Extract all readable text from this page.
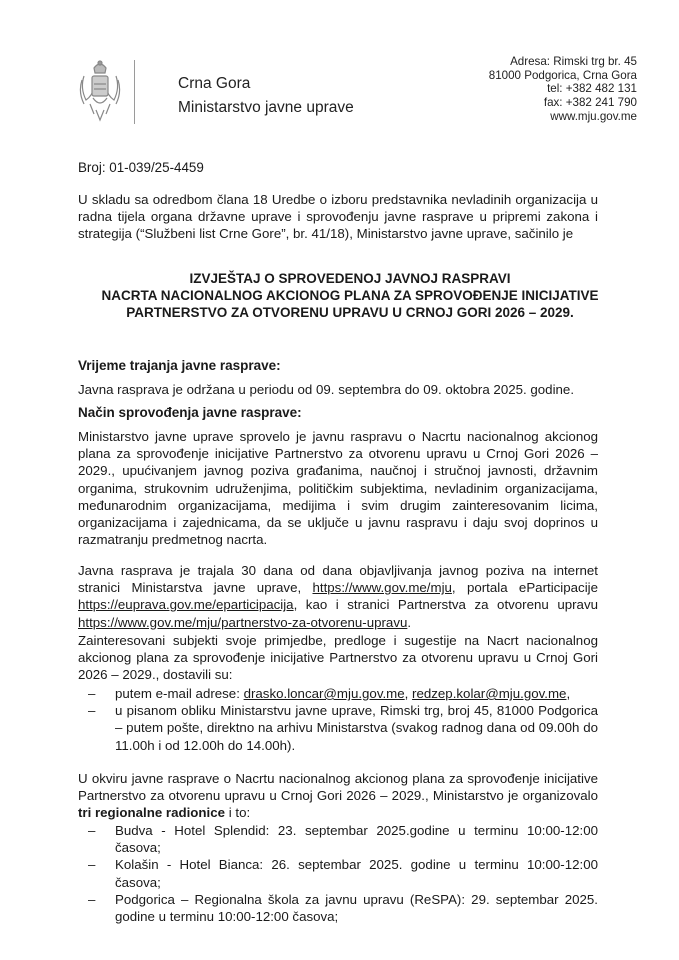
Crna Gora
Ministarstvo javne uprave
Adresa: Rimski trg br. 45
81000 Podgorica, Crna Gora
tel: +382 482 131
fax: +382 241 790
www.mju.gov.me
Broj: 01-039/25-4459
U skladu sa odredbom člana 18 Uredbe o izboru predstavnika nevladinih organizacija u radna tijela organa državne uprave i sprovođenju javne rasprave u pripremi zakona i strategija (“Službeni list Crne Gore”, br. 41/18), Ministarstvo javne uprave, sačinilo je
IZVJEŠTAJ O SPROVEDENOJ JAVNOJ RASPRAVI
NACRTA NACIONALNOG AKCIONOG PLANA ZA SPROVOĐENJE INICIJATIVE
PARTNERSTVO ZA OTVORENU UPRAVU U CRNOJ GORI 2026 – 2029.
Vrijeme trajanja javne rasprave:
Javna rasprava je održana u periodu od 09. septembra do 09. oktobra 2025. godine.
Način sprovođenja javne rasprave:
Ministarstvo javne uprave sprovelo je javnu raspravu o Nacrtu nacionalnog akcionog plana za sprovođenje inicijative Partnerstvo za otvorenu upravu u Crnoj Gori 2026 – 2029., upućivanjem javnog poziva građanima, naučnoj i stručnoj javnosti, državnim organima, strukovnim udruženjima, političkim subjektima, nevladinim organizacijama, međunarodnim organizacijama, medijima i svim drugim zainteresovanim licima, organizacijama i zajednicama, da se uključe u javnu raspravu i daju svoj doprinos u razmatranju predmetnog nacrta.
Javna rasprava je trajala 30 dana od dana objavljivanja javnog poziva na internet stranici Ministarstva javne uprave, https://www.gov.me/mju, portala eParticipacije https://euprava.gov.me/eparticipacija, kao i stranici Partnerstva za otvorenu upravu https://www.gov.me/mju/partnerstvo-za-otvorenu-upravu.
Zainteresovani subjekti svoje primjedbe, predloge i sugestije na Nacrt nacionalnog akcionog plana za sprovođenje inicijative Partnerstvo za otvorenu upravu u Crnoj Gori 2026 – 2029., dostavili su:
– putem e-mail adrese: drasko.loncar@mju.gov.me, redzep.kolar@mju.gov.me,
– u pisanom obliku Ministarstvu javne uprave, Rimski trg, broj 45, 81000 Podgorica – putem pošte, direktno na arhivu Ministarstva (svakog radnog dana od 09.00h do 11.00h i od 12.00h do 14.00h).
U okviru javne rasprave o Nacrtu nacionalnog akcionog plana za sprovođenje inicijative Partnerstvo za otvorenu upravu u Crnoj Gori 2026 – 2029., Ministarstvo je organizovalo tri regionalne radionice i to:
– Budva - Hotel Splendid: 23. septembar 2025.godine u terminu 10:00-12:00 časova;
– Kolašin - Hotel Bianca: 26. septembar 2025. godine u terminu 10:00-12:00 časova;
– Podgorica – Regionalna škola za javnu upravu (ReSPA): 29. septembar 2025. godine u terminu 10:00-12:00 časova;
